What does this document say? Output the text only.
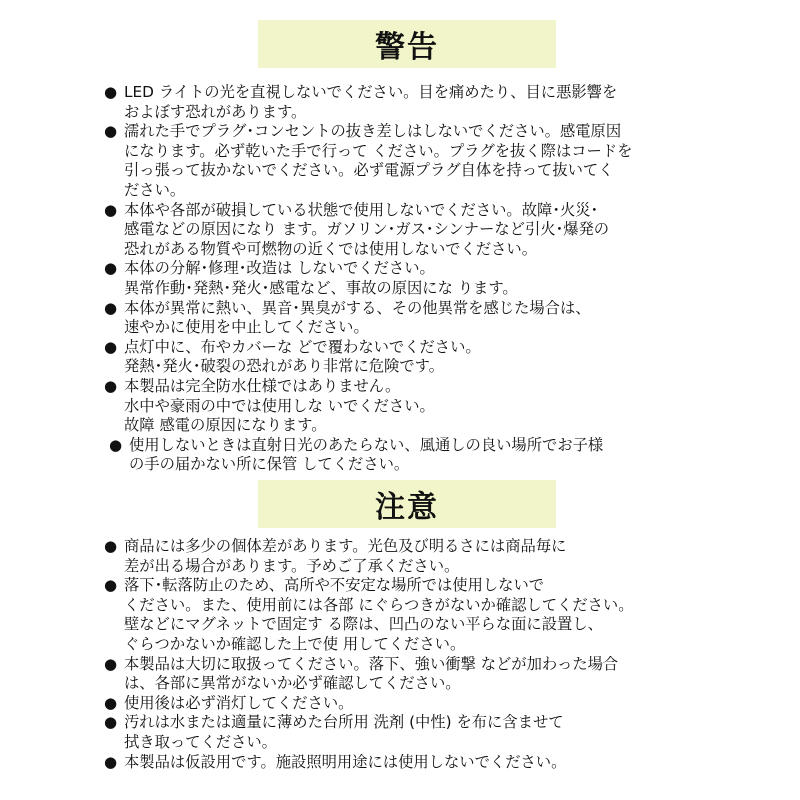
警告
● LED ライトの光を直視しないでください。目を痛めたり、目に悪影響を
およぼす恐れがあります。
● 濡れた手でプラグ･コンセントの抜き差しはしないでください。感電原因
になります。必ず乾いた手で行って ください。プラグを抜く際はコードを
引っ張って抜かないでください。必ず電源プラグ自体を持って抜いてく
ださい。
● 本体や各部が破損している状態で使用しないでください。故障･火災･
感電などの原因になり ます。ガソリン･ガス･シンナーなど引火･爆発の
恐れがある物質や可燃物の近くでは使用しないでください。
● 本体の分解･修理･改造は しないでください。
異常作動･発熱･発火･感電など、事故の原因にな ります。
● 本体が異常に熱い、異音･異臭がする、その他異常を感じた場合は、
速やかに使用を中止してください。
● 点灯中に、布やカバーな どで覆わないでください。
発熱･発火･破裂の恐れがあり非常に危険です。
● 本製品は完全防水仕様ではありません。
水中や豪雨の中では使用しな いでください。
故障 感電の原因になります。
● 使用しないときは直射日光のあたらない、風通しの良い場所でお子様
の手の届かない所に保管 してください。
注意
● 商品には多少の個体差があります。光色及び明るさには商品毎に
差が出る場合があります。予めご了承ください。
● 落下･転落防止のため、高所や不安定な場所では使用しないで
ください。また、使用前には各部 にぐらつきがないか確認してください。
壁などにマグネットで固定す る際は、凹凸のない平らな面に設置し、
ぐらつかないか確認した上で使 用してください。
● 本製品は大切に取扱ってください。落下、強い衝撃 などが加わった場合
は、各部に異常がないか必ず確認してください。
● 使用後は必ず消灯してください。
● 汚れは水または適量に薄めた台所用 洗剤 (中性) を布に含ませて
拭き取ってください。
● 本製品は仮設用です。施設照明用途には使用しないでください。
